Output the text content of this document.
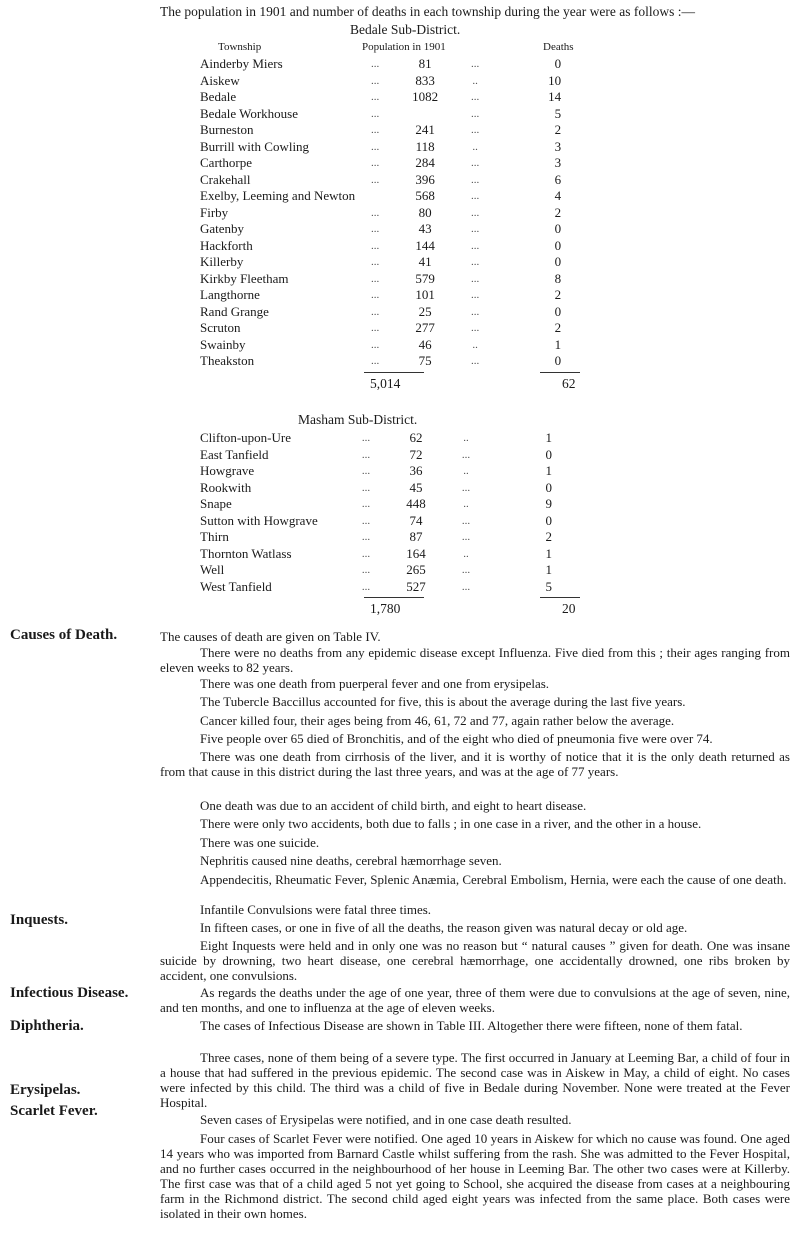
The population in 1901 and number of deaths in each township during the year were as follows :—
Bedale Sub-District.
Township	Population in 1901	Deaths
Ainderby Miers	...	81	...	0
Aiskew	...	833	..	10
Bedale	...	1082	...	14
Bedale Workhouse	...		...	5
Burneston	...	241	...	2
Burrill with Cowling	...	118	..	3
Carthorpe	...	284	...	3
Crakehall	...	396	...	6
Exelby, Leeming and Newton		568	...	4
Firby	...	80	...	2
Gatenby	...	43	...	0
Hackforth	...	144	...	0
Killerby	...	41	...	0
Kirkby Fleetham	...	579	...	8
Langthorne	...	101	...	2
Rand Grange	...	25	...	0
Scruton	...	277	...	2
Swainby	...	46	..	1
Theakston	...	75	...	0
5,014	62
Masham Sub-District.
Clifton-upon-Ure	...	62	..	1
East Tanfield	...	72	...	0
Howgrave	...	36	..	1
Rookwith	...	45	...	0
Snape	...	448	..	9
Sutton with Howgrave	...	74	...	0
Thirn	...	87	...	2
Thornton Watlass	...	164	..	1
Well	...	265	...	1
West Tanfield	...	527	...	5
1,780	20
Causes of Death.
Inquests.
Infectious Disease.
Diphtheria.
Erysipelas.
Scarlet Fever.
The causes of death are given on Table IV.
There were no deaths from any epidemic disease except Influenza. Five died from this ; their ages ranging from eleven weeks to 82 years.
There was one death from puerperal fever and one from erysipelas.
The Tubercle Baccillus accounted for five, this is about the average during the last five years.
Cancer killed four, their ages being from 46, 61, 72 and 77, again rather below the average.
Five people over 65 died of Bronchitis, and of the eight who died of pneumonia five were over 74.
There was one death from cirrhosis of the liver, and it is worthy of notice that it is the only death returned as from that cause in this district during the last three years, and was at the age of 77 years.
One death was due to an accident of child birth, and eight to heart disease.
There were only two accidents, both due to falls ; in one case in a river, and the other in a house.
There was one suicide.
Nephritis caused nine deaths, cerebral hæmorrhage seven.
Appendecitis, Rheumatic Fever, Splenic Anæmia, Cerebral Embolism, Hernia, were each the cause of one death.
Infantile Convulsions were fatal three times.
In fifteen cases, or one in five of all the deaths, the reason given was natural decay or old age.
Eight Inquests were held and in only one was no reason but “ natural causes ” given for death. One was insane suicide by drowning, two heart disease, one cerebral hæmorrhage, one accidentally drowned, one ribs broken by accident, one convulsions.
As regards the deaths under the age of one year, three of them were due to convulsions at the age of seven, nine, and ten months, and one to influenza at the age of eleven weeks.
The cases of Infectious Disease are shown in Table III. Altogether there were fifteen, none of them fatal.
Three cases, none of them being of a severe type. The first occurred in January at Leeming Bar, a child of four in a house that had suffered in the previous epidemic. The second case was in Aiskew in May, a child of eight. No cases were infected by this child. The third was a child of five in Bedale during November. None were treated at the Fever Hospital.
Seven cases of Erysipelas were notified, and in one case death resulted.
Four cases of Scarlet Fever were notified. One aged 10 years in Aiskew for which no cause was found. One aged 14 years who was imported from Barnard Castle whilst suffering from the rash. She was admitted to the Fever Hospital, and no further cases occurred in the neighbourhood of her house in Leeming Bar. The other two cases were at Killerby. The first case was that of a child aged 5 not yet going to School, she acquired the disease from cases at a neighbouring farm in the Richmond district. The second child aged eight years was infected from the same place. Both cases were isolated in their own homes.
